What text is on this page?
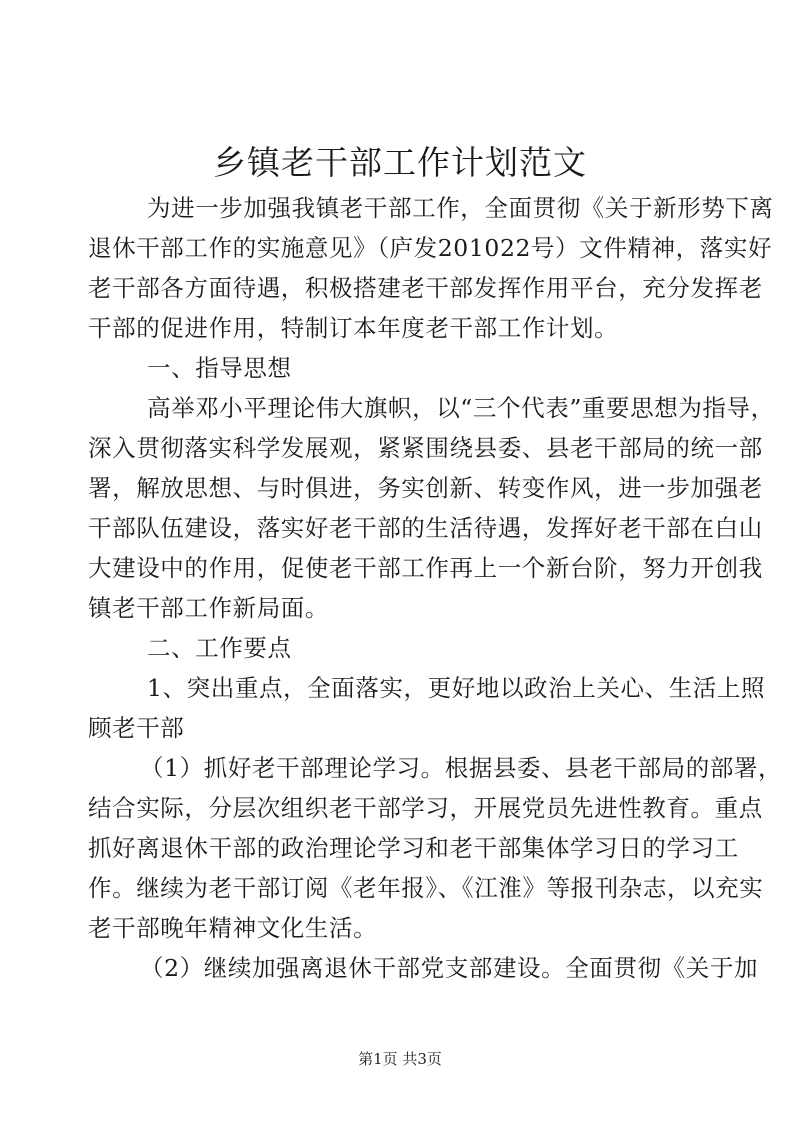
乡镇老干部工作计划范文
为进一步加强我镇老干部工作，全面贯彻《关于新形势下离
退休干部工作的实施意见》（庐发201022号）文件精神，落实好
老干部各方面待遇，积极搭建老干部发挥作用平台，充分发挥老
干部的促进作用，特制订本年度老干部工作计划。
一、指导思想
高举邓小平理论伟大旗帜，以“三个代表”重要思想为指导，
深入贯彻落实科学发展观，紧紧围绕县委、县老干部局的统一部
署，解放思想、与时俱进，务实创新、转变作风，进一步加强老
干部队伍建设，落实好老干部的生活待遇，发挥好老干部在白山
大建设中的作用，促使老干部工作再上一个新台阶，努力开创我
镇老干部工作新局面。
二、工作要点
1、突出重点，全面落实，更好地以政治上关心、生活上照
顾老干部
（1）抓好老干部理论学习。根据县委、县老干部局的部署，
结合实际，分层次组织老干部学习，开展党员先进性教育。重点
抓好离退休干部的政治理论学习和老干部集体学习日的学习工
作。继续为老干部订阅《老年报》、《江淮》等报刊杂志，以充实
老干部晚年精神文化生活。
（2）继续加强离退休干部党支部建设。全面贯彻《关于加
第1页 共3页
